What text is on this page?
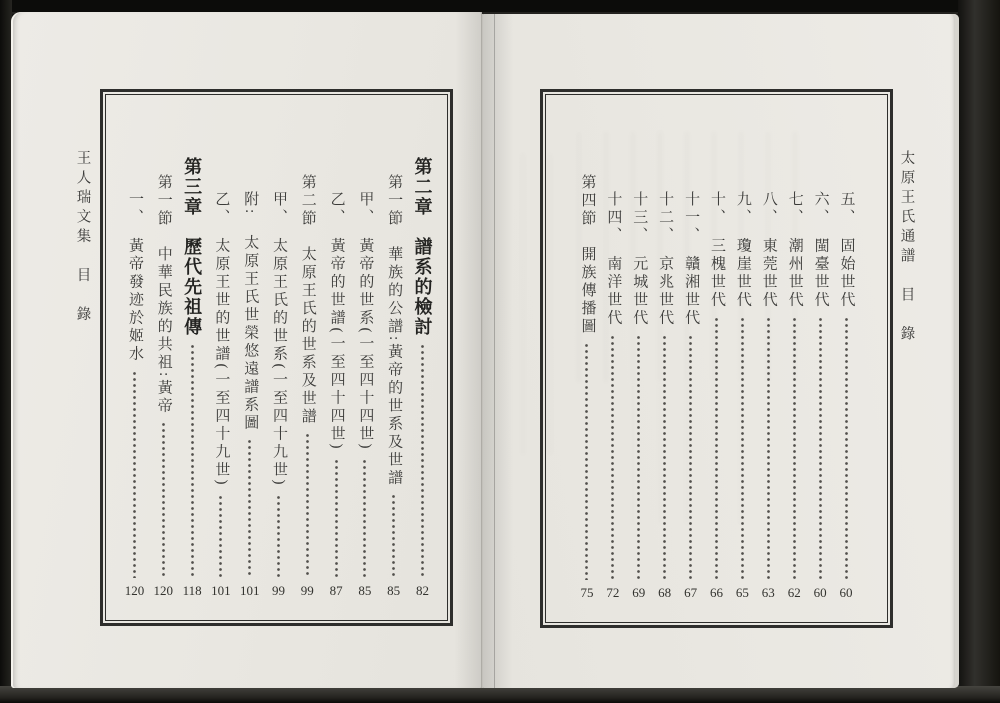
王人瑞文集　目　錄	第二章　譜系的檢討
82
第一節　華族的公譜:黃帝的世系及世譜
85
甲、　黃帝的世系(一至四十四世)
85
乙、　黃帝的世譜(一至四十四世)
87
第二節　太原王氏的世系及世譜
99
甲、　太原王氏的世系(一至四十九世)
99
附:　太原王氏世榮悠遠譜系圖
101
乙、　太原王世的世譜(一至四十九世)
101
第三章　歷代先祖傳
118
第一節　中華民族的共祖:黃帝
120
一、　黃帝發迹於姬水
120
太原王氏通譜　目　錄
五、　固始世代
60
六、　閩臺世代
60
七、　潮州世代
62
八、　東莞世代
63
九、　瓊崖世代
65
十、　三槐世代
66
十一、　贛湘世代
67
十二、　京兆世代
68
十三、　元城世代
69
十四、　南洋世代
72
第四節　開族傳播圖
75
